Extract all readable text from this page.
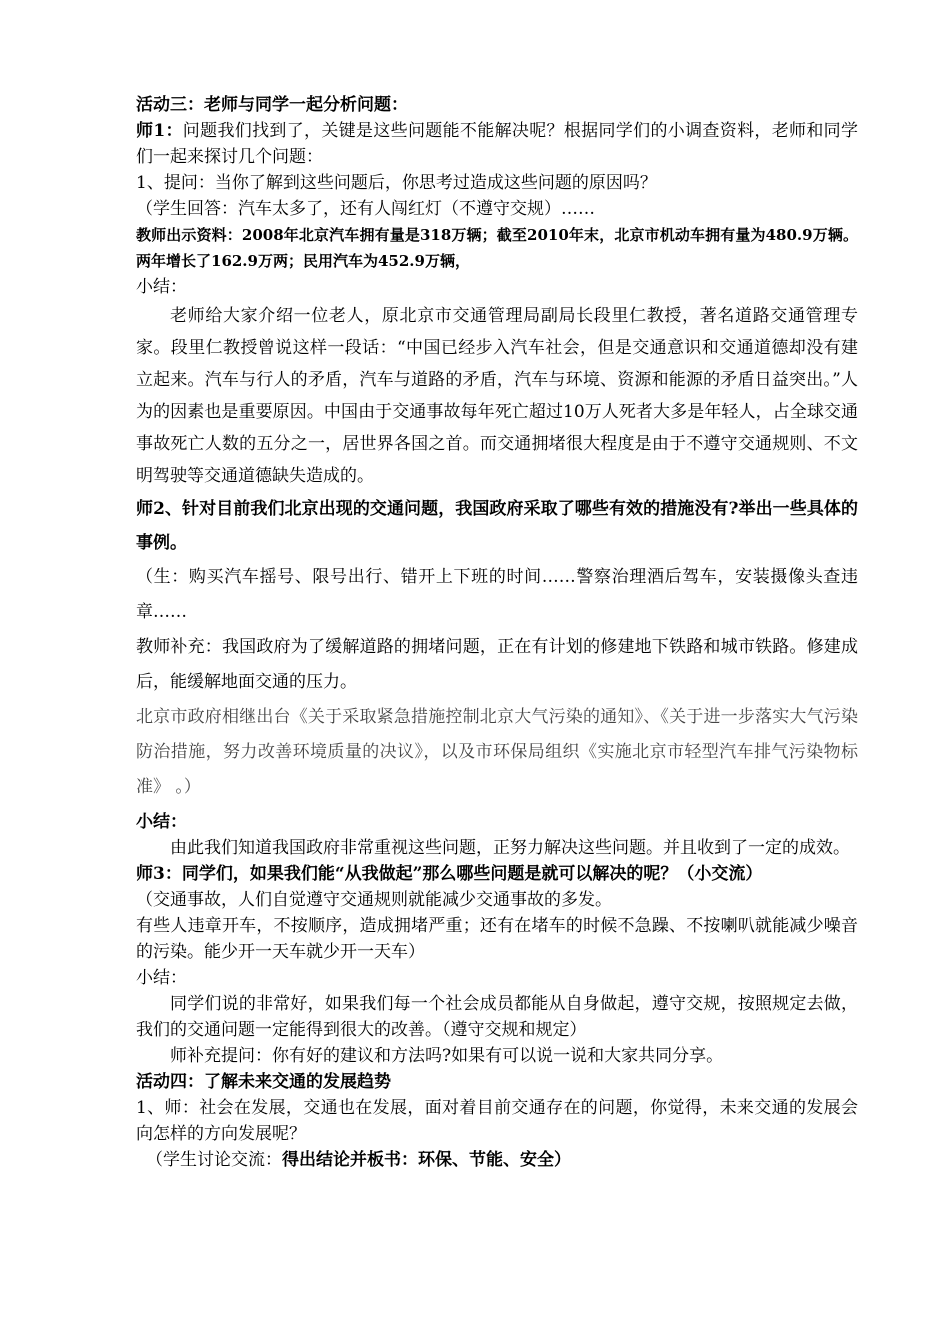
活动三：老师与同学一起分析问题：

师1：问题我们找到了，关键是这些问题能不能解决呢？根据同学们的小调查资料，老师和同学们一起来探讨几个问题：

1、提问：当你了解到这些问题后，你思考过造成这些问题的原因吗？

（学生回答：汽车太多了，还有人闯红灯（不遵守交规）……

教师出示资料：2008年北京汽车拥有量是318万辆；截至2010年末，北京市机动车拥有量为480.9万辆。两年增长了162.9万两；民用汽车为452.9万辆，

小结：

老师给大家介绍一位老人，原北京市交通管理局副局长段里仁教授，著名道路交通管理专家。段里仁教授曾说这样一段话：“中国已经步入汽车社会，但是交通意识和交通道德却没有建立起来。汽车与行人的矛盾，汽车与道路的矛盾，汽车与环境、资源和能源的矛盾日益突出。”人为的因素也是重要原因。中国由于交通事故每年死亡超过10万人死者大多是年轻人，占全球交通事故死亡人数的五分之一，居世界各国之首。而交通拥堵很大程度是由于不遵守交通规则、不文明驾驶等交通道德缺失造成的。

师2、针对目前我们北京出现的交通问题，我国政府采取了哪些有效的措施没有?举出一些具体的事例。

（生：购买汽车摇号、限号出行、错开上下班的时间……警察治理酒后驾车，安装摄像头查违章……

教师补充：我国政府为了缓解道路的拥堵问题，正在有计划的修建地下铁路和城市铁路。修建成后，能缓解地面交通的压力。

北京市政府相继出台《关于采取紧急措施控制北京大气污染的通知》、《关于进一步落实大气污染防治措施，努力改善环境质量的决议》，以及市环保局组织《实施北京市轻型汽车排气污染物标准》 。）

小结：

由此我们知道我国政府非常重视这些问题，正努力解决这些问题。并且收到了一定的成效。

师3：同学们，如果我们能“从我做起”那么哪些问题是就可以解决的呢？（小交流）

（交通事故，人们自觉遵守交通规则就能减少交通事故的多发。

有些人违章开车，不按顺序，造成拥堵严重；还有在堵车的时候不急躁、不按喇叭就能减少噪音的污染。能少开一天车就少开一天车）

小结：

同学们说的非常好，如果我们每一个社会成员都能从自身做起，遵守交规，按照规定去做，我们的交通问题一定能得到很大的改善。（遵守交规和规定）

师补充提问：你有好的建议和方法吗?如果有可以说一说和大家共同分享。

活动四：了解未来交通的发展趋势

1、师：社会在发展，交通也在发展，面对着目前交通存在的问题，你觉得，未来交通的发展会向怎样的方向发展呢？

（学生讨论交流：得出结论并板书：环保、节能、安全）
